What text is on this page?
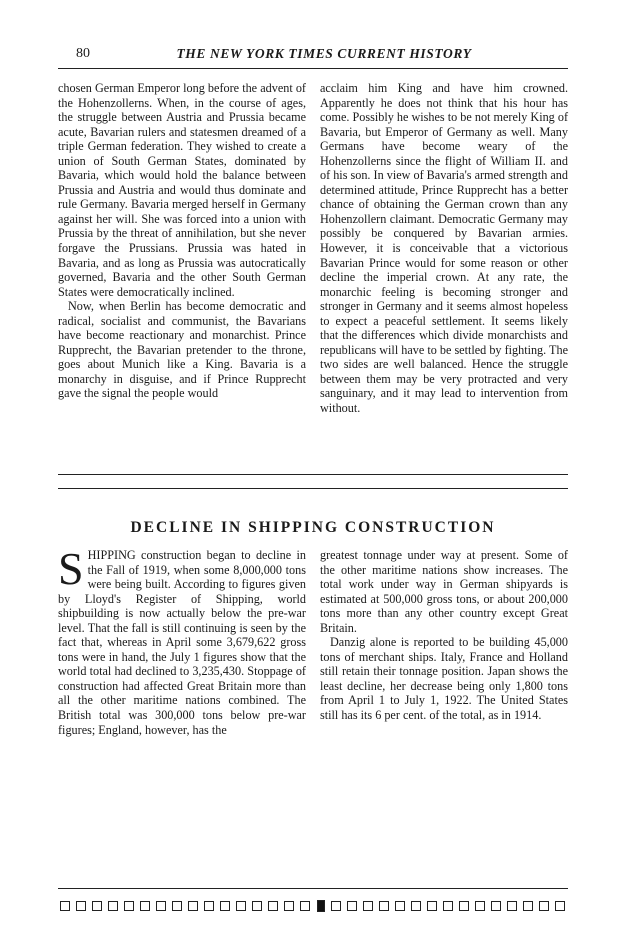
80	THE NEW YORK TIMES CURRENT HISTORY

chosen German Emperor long before the advent of the Hohenzollerns. When, in the course of ages, the struggle between Austria and Prussia became acute, Bavarian rulers and statesmen dreamed of a triple German federation. They wished to create a union of South German States, dominated by Bavaria, which would hold the balance between Prussia and Austria and would thus dominate and rule Germany. Bavaria merged herself in Germany against her will. She was forced into a union with Prussia by the threat of annihilation, but she never forgave the Prussians. Prussia was hated in Bavaria, and as long as Prussia was autocratically governed, Bavaria and the other South German States were democratically inclined.

Now, when Berlin has become democratic and radical, socialist and communist, the Bavarians have become reactionary and monarchist. Prince Rupprecht, the Bavarian pretender to the throne, goes about Munich like a King. Bavaria is a monarchy in disguise, and if Prince Rupprecht gave the signal the people would

acclaim him King and have him crowned. Apparently he does not think that his hour has come. Possibly he wishes to be not merely King of Bavaria, but Emperor of Germany as well. Many Germans have become weary of the Hohenzollerns since the flight of William II. and of his son. In view of Bavaria's armed strength and determined attitude, Prince Rupprecht has a better chance of obtaining the German crown than any Hohenzollern claimant. Democratic Germany may possibly be conquered by Bavarian armies. However, it is conceivable that a victorious Bavarian Prince would for some reason or other decline the imperial crown. At any rate, the monarchic feeling is becoming stronger and stronger in Germany and it seems almost hopeless to expect a peaceful settlement. It seems likely that the differences which divide monarchists and republicans will have to be settled by fighting. The two sides are well balanced. Hence the struggle between them may be very protracted and very sanguinary, and it may lead to intervention from without.

DECLINE IN SHIPPING CONSTRUCTION

SHIPPING construction began to decline in the Fall of 1919, when some 8,000,000 tons were being built. According to figures given by Lloyd's Register of Shipping, world shipbuilding is now actually below the pre-war level. That the fall is still continuing is seen by the fact that, whereas in April some 3,679,622 gross tons were in hand, the July 1 figures show that the world total had declined to 3,235,430. Stoppage of construction had affected Great Britain more than all the other maritime nations combined. The British total was 300,000 tons below pre-war figures; England, however, has the

greatest tonnage under way at present. Some of the other maritime nations show increases. The total work under way in German shipyards is estimated at 500,000 gross tons, or about 200,000 tons more than any other country except Great Britain.

Danzig alone is reported to be building 45,000 tons of merchant ships. Italy, France and Holland still retain their tonnage position. Japan shows the least decline, her decrease being only 1,800 tons from April 1 to July 1, 1922. The United States still has its 6 per cent. of the total, as in 1914.
